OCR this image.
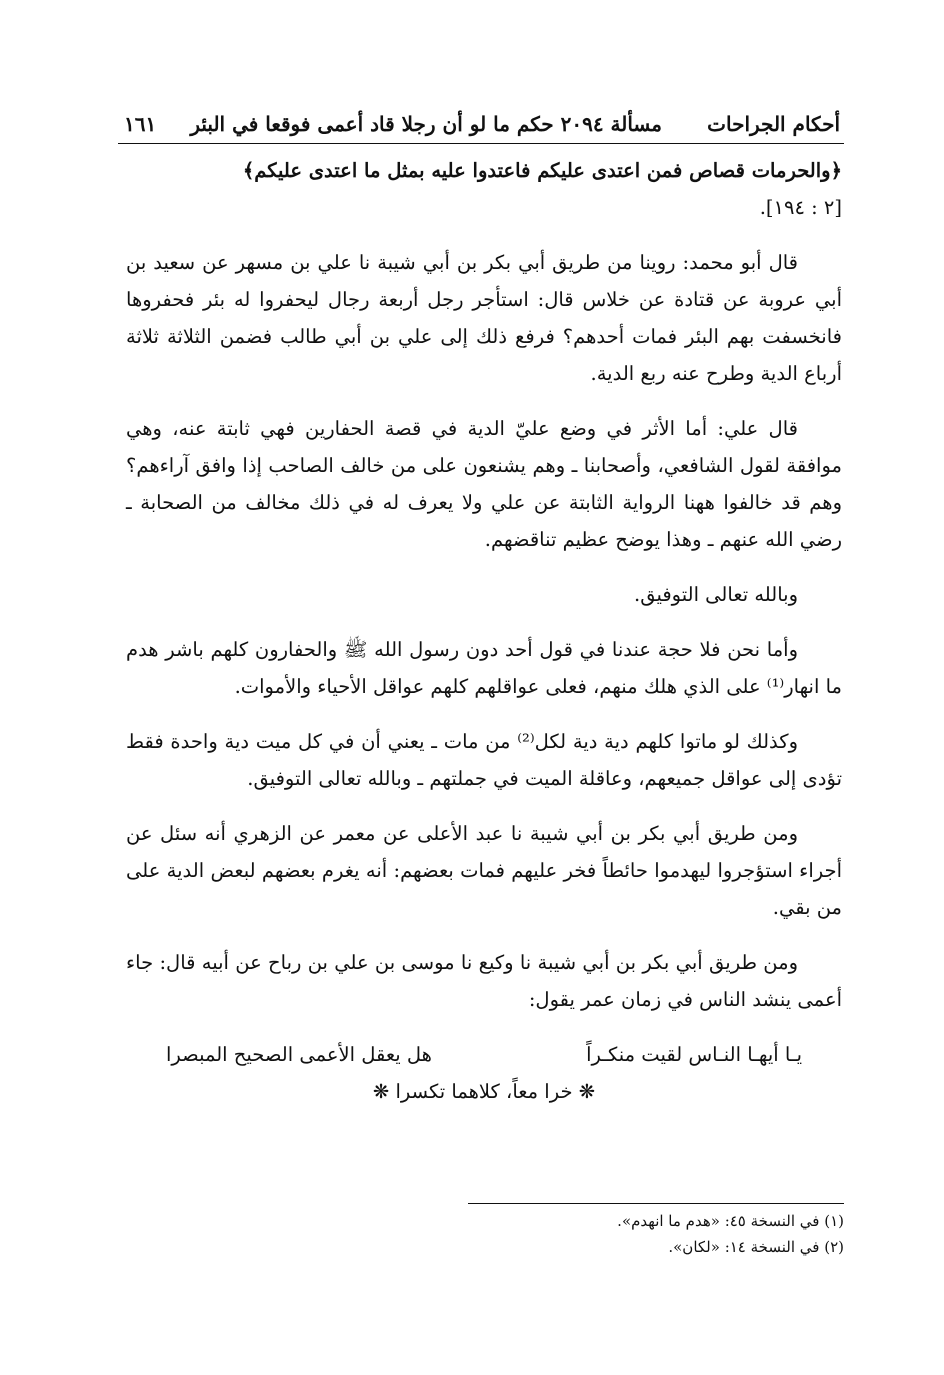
أحكام الجراحات
مسألة ٢٠٩٤ حكم ما لو أن رجلا قاد أعمى فوقعا في البئر
١٦١

﴿والحرمات قصاص فمن اعتدى عليكم فاعتدوا عليه بمثل ما اعتدى عليكم﴾
[٢ : ١٩٤].

قال أبو محمد: روينا من طريق أبي بكر بن أبي شيبة نا علي بن مسهر عن سعيد بن أبي عروبة عن قتادة عن خلاس قال: استأجر رجل أربعة رجال ليحفروا له بئر فحفروها فانخسفت بهم البئر فمات أحدهم؟ فرفع ذلك إلى علي بن أبي طالب فضمن الثلاثة ثلاثة أرباع الدية وطرح عنه ربع الدية.

قال علي: أما الأثر في وضع عليّ الدية في قصة الحفارين فهي ثابتة عنه، وهي موافقة لقول الشافعي، وأصحابنا ـ وهم يشنعون على من خالف الصاحب إذا وافق آراءهم؟ وهم قد خالفوا ههنا الرواية الثابتة عن علي ولا يعرف له في ذلك مخالف من الصحابة ـ رضي الله عنهم ـ وهذا يوضح عظيم تناقضهم.

وبالله تعالى التوفيق.

وأما نحن فلا حجة عندنا في قول أحد دون رسول الله ﷺ والحفارون كلهم باشر هدم ما انهار⁽¹⁾ على الذي هلك منهم، فعلى عواقلهم كلهم عواقل الأحياء والأموات.

وكذلك لو ماتوا كلهم دية دية لكل⁽²⁾ من مات ـ يعني أن في كل ميت دية واحدة فقط تؤدى إلى عواقل جميعهم، وعاقلة الميت في جملتهم ـ وبالله تعالى التوفيق.

ومن طريق أبي بكر بن أبي شيبة نا عبد الأعلى عن معمر عن الزهري أنه سئل عن أجراء استؤجروا ليهدموا حائطاً فخر عليهم فمات بعضهم: أنه يغرم بعضهم لبعض الدية على من بقي.

ومن طريق أبي بكر بن أبي شيبة نا وكيع نا موسى بن علي بن رباح عن أبيه قال: جاء أعمى ينشد الناس في زمان عمر يقول:

يـا أيهـا النـاس لقيت منكـراً
هل يعقل الأعمى الصحيح المبصرا
❋ خرا معاً، كلاهما تكسرا ❋
(١) في النسخة ٤٥: «هدم ما انهدم».
(٢) في النسخة ١٤: «لكان».
